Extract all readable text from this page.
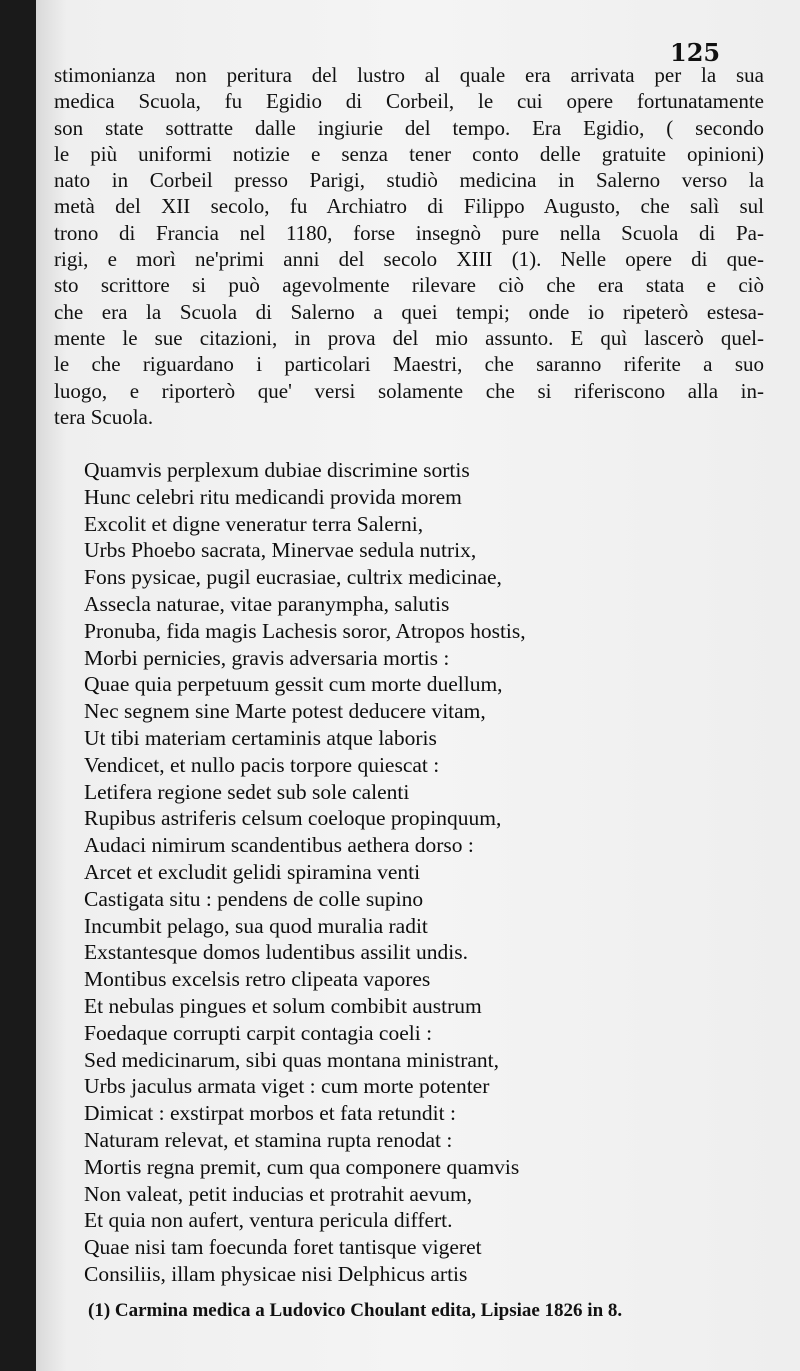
125
stimonianza non peritura del lustro al quale era arrivata per la sua
medica Scuola, fu Egidio di Corbeil, le cui opere fortunatamente
son state sottratte dalle ingiurie del tempo. Era Egidio, ( secondo
le più uniformi notizie e senza tener conto delle gratuite opinioni)
nato in Corbeil presso Parigi, studiò medicina in Salerno verso la
metà del XII secolo, fu Archiatro di Filippo Augusto, che salì sul
trono di Francia nel 1180, forse insegnò pure nella Scuola di Pa-
rigi, e morì ne'primi anni del secolo XIII (1). Nelle opere di que-
sto scrittore si può agevolmente rilevare ciò che era stata e ciò
che era la Scuola di Salerno a quei tempi; onde io ripeterò estesa-
mente le sue citazioni, in prova del mio assunto. E quì lascerò quel-
le che riguardano i particolari Maestri, che saranno riferite a suo
luogo, e riporterò que' versi solamente che si riferiscono alla in-
tera Scuola.
Quamvis perplexum dubiae discrimine sortis
Hunc celebri ritu medicandi provida morem
Excolit et digne veneratur terra Salerni,
Urbs Phoebo sacrata, Minervae sedula nutrix,
Fons pysicae, pugil eucrasiae, cultrix medicinae,
Assecla naturae, vitae paranympha, salutis
Pronuba, fida magis Lachesis soror, Atropos hostis,
Morbi pernicies, gravis adversaria mortis :
Quae quia perpetuum gessit cum morte duellum,
Nec segnem sine Marte potest deducere vitam,
Ut tibi materiam certaminis atque laboris
Vendicet, et nullo pacis torpore quiescat :
Letifera regione sedet sub sole calenti
Rupibus astriferis celsum coeloque propinquum,
Audaci nimirum scandentibus aethera dorso :
Arcet et excludit gelidi spiramina venti
Castigata situ : pendens de colle supino
Incumbit pelago, sua quod muralia radit
Exstantesque domos ludentibus assilit undis.
Montibus excelsis retro clipeata vapores
Et nebulas pingues et solum combibit austrum
Foedaque corrupti carpit contagia coeli :
Sed medicinarum, sibi quas montana ministrant,
Urbs jaculus armata viget : cum morte potenter
Dimicat : exstirpat morbos et fata retundit :
Naturam relevat, et stamina rupta renodat :
Mortis regna premit, cum qua componere quamvis
Non valeat, petit inducias et protrahit aevum,
Et quia non aufert, ventura pericula differt.
Quae nisi tam foecunda foret tantisque vigeret
Consiliis, illam physicae nisi Delphicus artis
(1) Carmina medica a Ludovico Choulant edita, Lipsiae 1826 in 8.
